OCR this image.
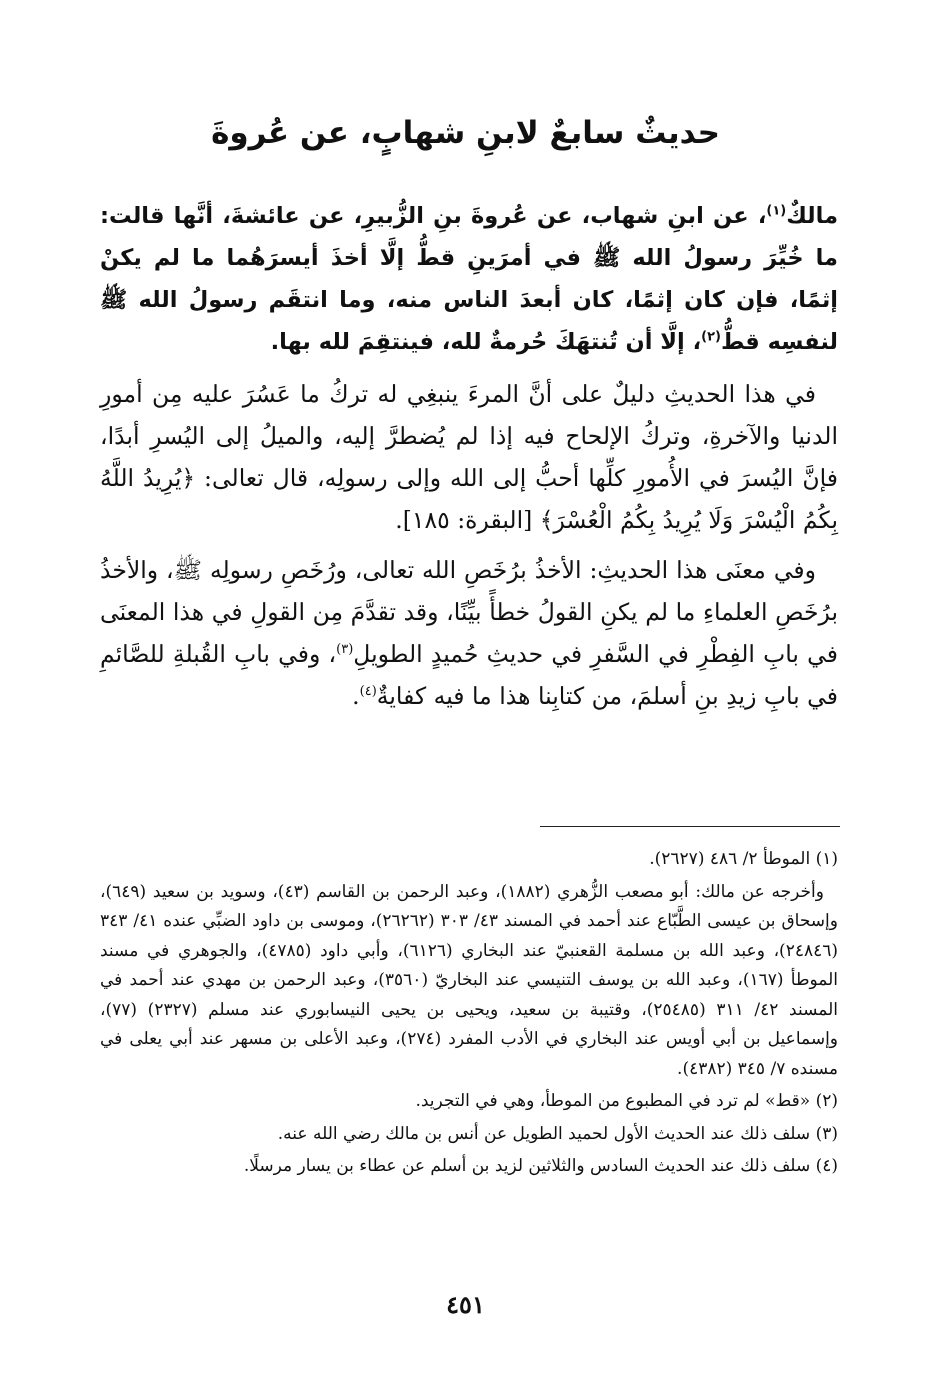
حديثٌ سابعٌ لابنِ شهابٍ، عن عُروةَ

مالكٌ$^{(١)}$، عن ابنِ شهاب، عن عُروةَ بنِ الزُّبيرِ، عن عائشةَ، أنَّها قالت: ما خُيِّرَ رسولُ الله ﷺ في أمرَينِ قطُّ إلَّا أخذَ أيسرَهُما ما لم يكنْ إثمًا، فإن كان إثمًا، كان أبعدَ الناس منه، وما انتقَم رسولُ الله ﷺ لنفسِه قطُّ$^{(٢)}$، إلَّا أن تُنتهَكَ حُرمةٌ لله، فينتقِمَ لله بها.

في هذا الحديثِ دليلٌ على أنَّ المرءَ ينبغِي له تركُ ما عَسُرَ عليه مِن أمورِ الدنيا والآخرةِ، وتركُ الإلحاح فيه إذا لم يُضطرَّ إليه، والميلُ إلى اليُسرِ أبدًا، فإنَّ اليُسرَ في الأُمورِ كلِّها أحبُّ إلى الله وإلى رسولِه، قال تعالى: ﴿يُرِيدُ اللَّهُ بِكُمُ الْيُسْرَ وَلَا يُرِيدُ بِكُمُ الْعُسْرَ﴾ [البقرة: ١٨٥].

وفي معنَى هذا الحديثِ: الأخذُ برُخَصِ الله تعالى، ورُخَصِ رسولِه ﷺ، والأخذُ برُخَصِ العلماءِ ما لم يكنِ القولُ خطأً بيِّنًا، وقد تقدَّمَ مِن القولِ في هذا المعنَى في بابِ الفِطْرِ في السَّفرِ في حديثِ حُميدٍ الطويلِ$^{(٣)}$، وفي بابِ القُبلةِ للصَّائمِ في بابِ زيدِ بنِ أسلمَ، من كتابِنا هذا ما فيه كفايةٌ$^{(٤)}$.

(١) الموطأ ٢/ ٤٨٦ (٢٦٢٧).

وأخرجه عن مالك: أبو مصعب الزُّهري (١٨٨٢)، وعبد الرحمن بن القاسم (٤٣)، وسويد بن سعيد (٦٤٩)، وإسحاق بن عيسى الطَّبّاع عند أحمد في المسند ٤٣/ ٣٠٣ (٢٦٢٦٢)، وموسى بن داود الضبِّي عنده ٤١/ ٣٤٣ (٢٤٨٤٦)، وعبد الله بن مسلمة القعنبيّ عند البخاري (٦١٢٦)، وأبي داود (٤٧٨٥)، والجوهري في مسند الموطأ (١٦٧)، وعبد الله بن يوسف التنيسي عند البخاريّ (٣٥٦٠)، وعبد الرحمن بن مهدي عند أحمد في المسند ٤٢/ ٣١١ (٢٥٤٨٥)، وقتيبة بن سعيد، ويحيى بن يحيى النيسابوري عند مسلم (٢٣٢٧) (٧٧)، وإسماعيل بن أبي أويس عند البخاري في الأدب المفرد (٢٧٤)، وعبد الأعلى بن مسهر عند أبي يعلى في مسنده ٧/ ٣٤٥ (٤٣٨٢).

(٢) «قط» لم ترد في المطبوع من الموطأ، وهي في التجريد.

(٣) سلف ذلك عند الحديث الأول لحميد الطويل عن أنس بن مالك رضي الله عنه.

(٤) سلف ذلك عند الحديث السادس والثلاثين لزيد بن أسلم عن عطاء بن يسار مرسلًا.

٤٥١
